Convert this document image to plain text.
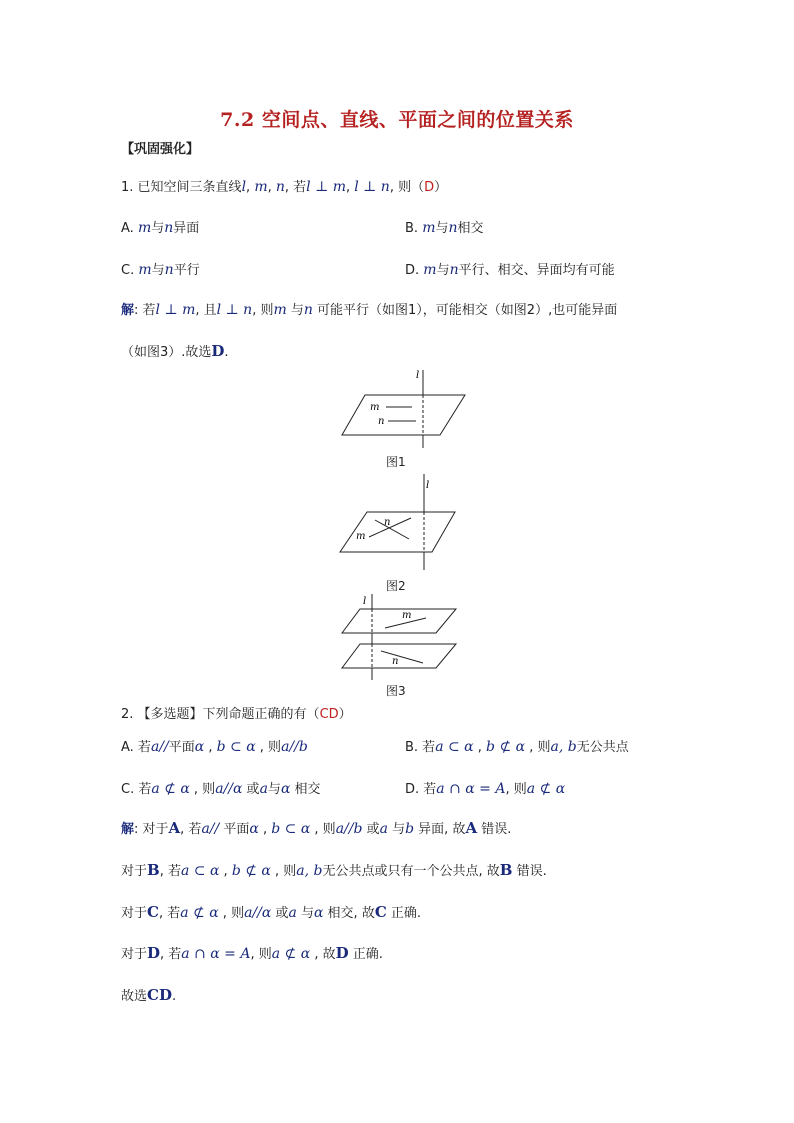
7.2 空间点、直线、平面之间的位置关系
【巩固强化】
1. 已知空间三条直线l, m, n, 若l ⊥ m, l ⊥ n, 则（D）
A. m与n异面	B. m与n相交
C. m与n平行	D. m与n平行、相交、异面均有可能
解: 若l ⊥ m, 且l ⊥ n, 则m 与n 可能平行（如图1），可能相交（如图2）,也可能异面
（如图3）.故选D.
l
m
n
图1
l
m
n
图2
l
m
n
图3
2. 【多选题】下列命题正确的有（CD）
A. 若a//平面α , b ⊂ α , 则a//b	B. 若a ⊂ α , b ⊄ α , 则a, b无公共点
C. 若a ⊄ α , 则a//α 或a与α 相交	D. 若a ∩ α = A, 则a ⊄ α
解: 对于A, 若a// 平面α , b ⊂ α , 则a//b 或a 与b 异面, 故A 错误.
对于B, 若a ⊂ α , b ⊄ α , 则a, b无公共点或只有一个公共点, 故B 错误.
对于C, 若a ⊄ α , 则a//α 或a 与α 相交, 故C 正确.
对于D, 若a ∩ α = A, 则a ⊄ α , 故D 正确.
故选CD.
